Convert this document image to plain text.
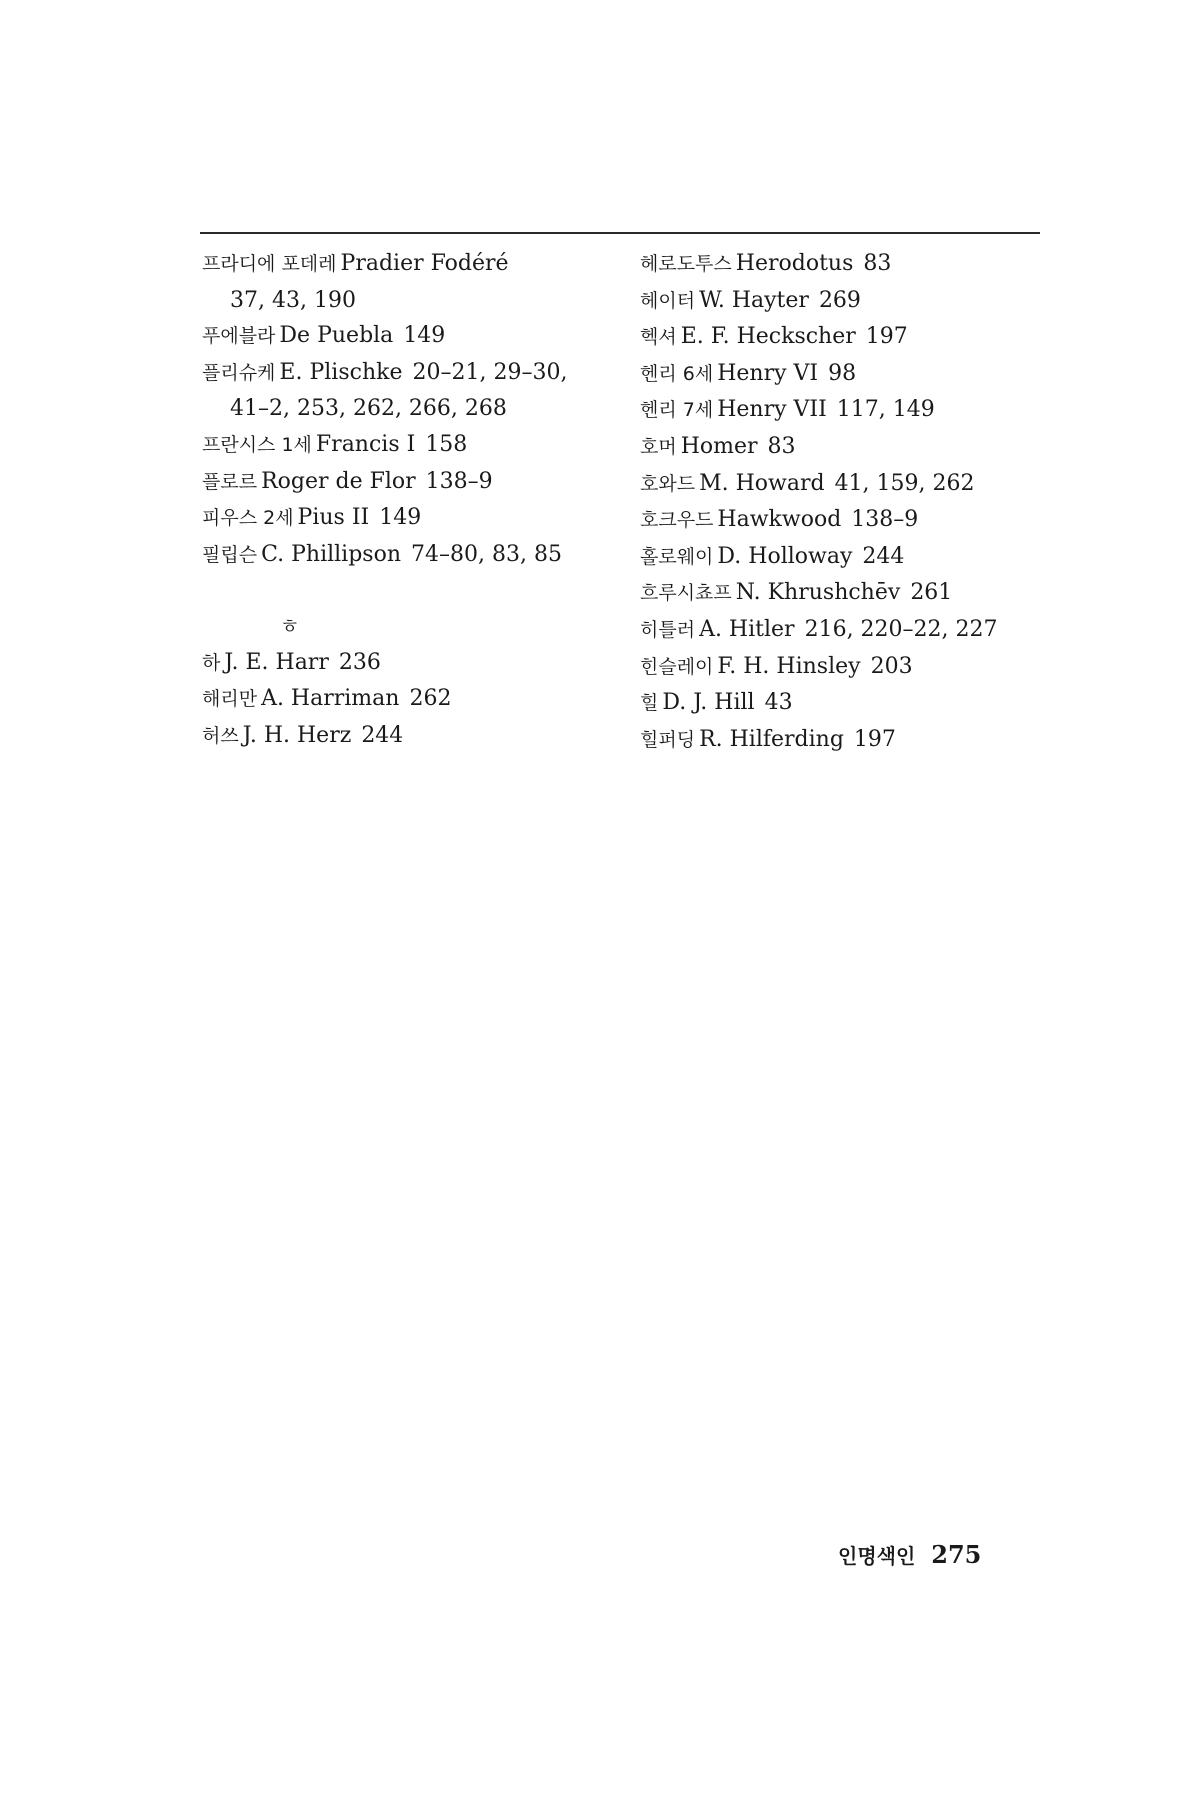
프라디에 포데레 Pradier Fodéré
37, 43, 190
푸에블라 De Puebla 149
플리슈케 E. Plischke 20–21, 29–30,
41–2, 253, 262, 266, 268
프란시스 1세 Francis I 158
플로르 Roger de Flor 138–9
피우스 2세 Pius II 149
필립슨 C. Phillipson 74–80, 83, 85
ㅎ
하 J. E. Harr 236
해리만 A. Harriman 262
허쓰 J. H. Herz 244
헤로도투스 Herodotus 83
헤이터 W. Hayter 269
헥셔 E. F. Heckscher 197
헨리 6세 Henry VI 98
헨리 7세 Henry VII 117, 149
호머 Homer 83
호와드 M. Howard 41, 159, 262
호크우드 Hawkwood 138–9
홀로웨이 D. Holloway 244
흐루시쵸프 N. Khrushchēv 261
히틀러 A. Hitler 216, 220–22, 227
힌슬레이 F. H. Hinsley 203
힐 D. J. Hill 43
힐퍼딩 R. Hilferding 197
인명색인 275
